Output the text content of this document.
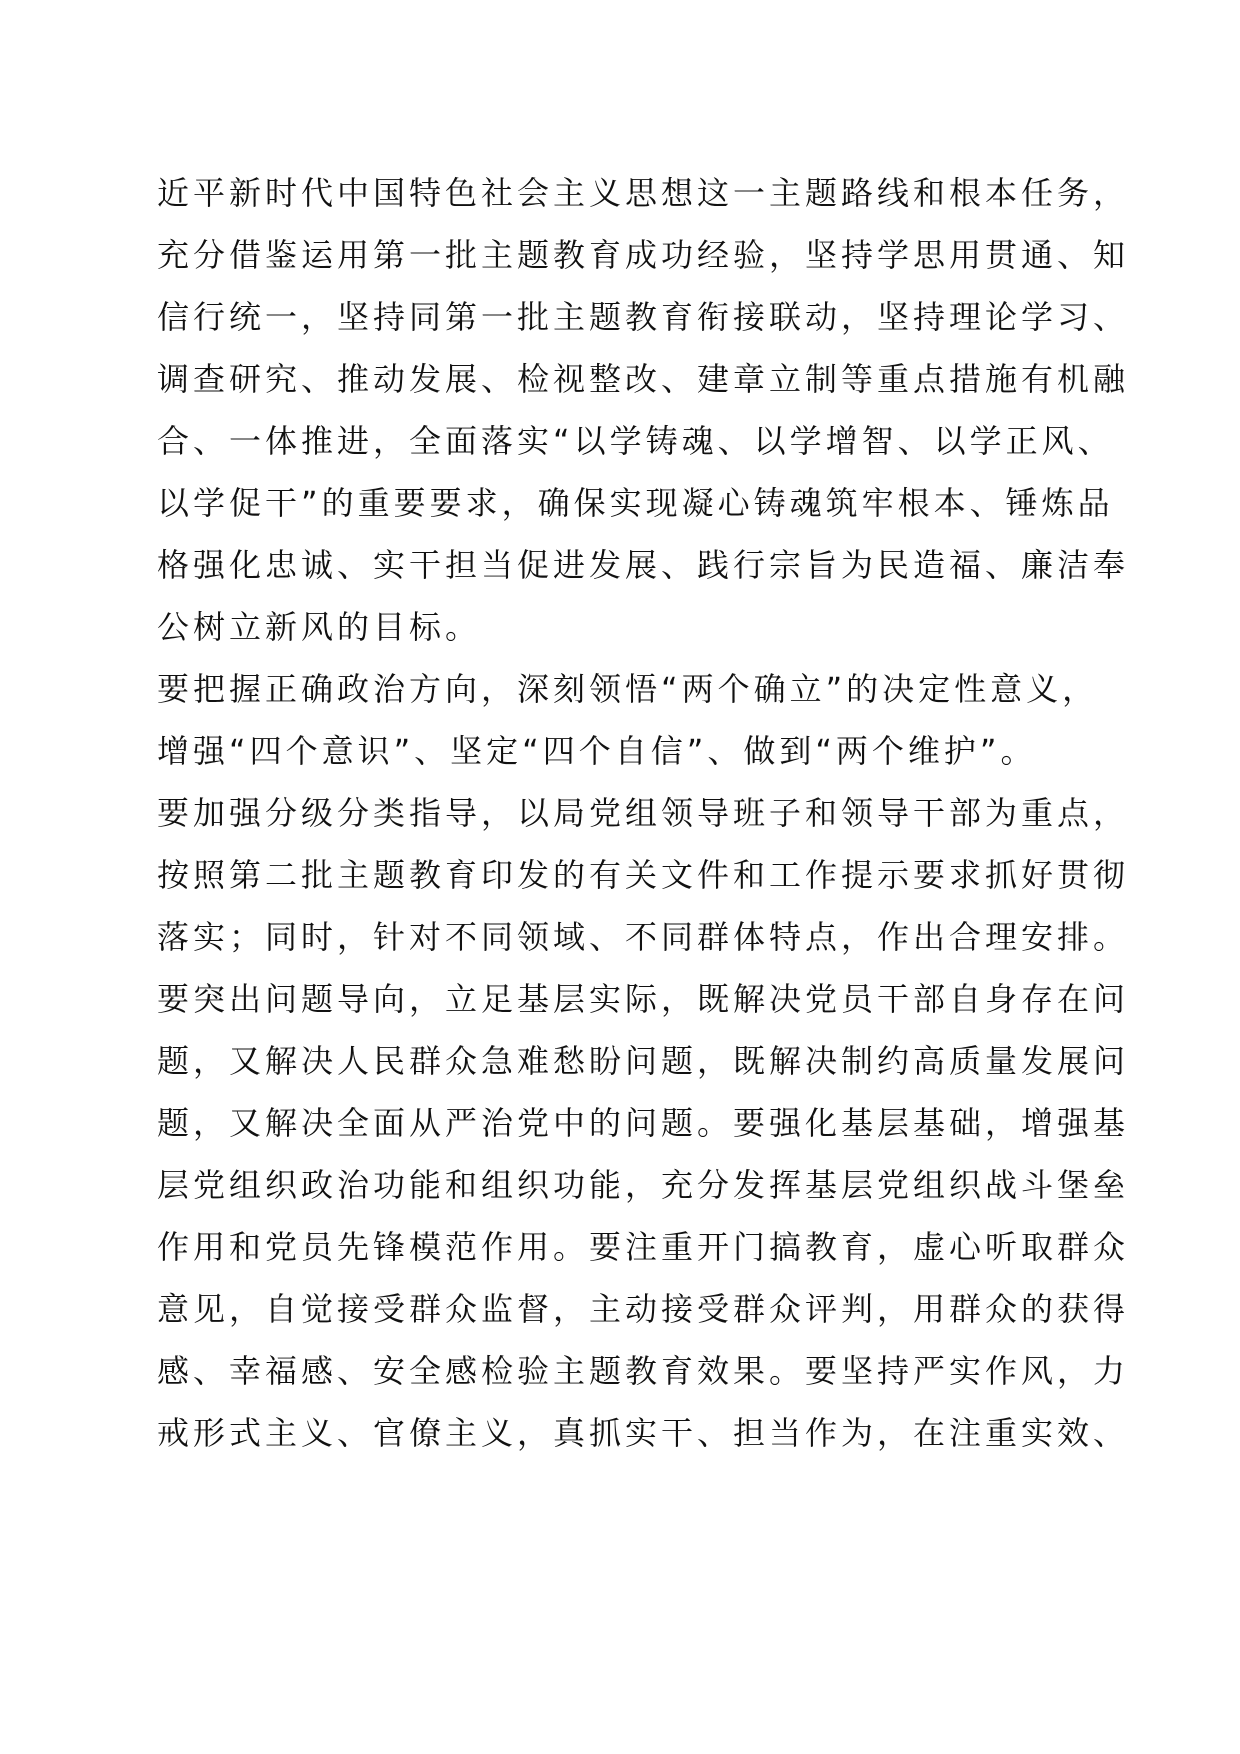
近平新时代中国特色社会主义思想这一主题路线和根本任务，
充分借鉴运用第一批主题教育成功经验，坚持学思用贯通、知
信行统一，坚持同第一批主题教育衔接联动，坚持理论学习、
调查研究、推动发展、检视整改、建章立制等重点措施有机融
合、一体推进，全面落实“以学铸魂、以学增智、以学正风、
以学促干”的重要要求，确保实现凝心铸魂筑牢根本、锤炼品
格强化忠诚、实干担当促进发展、践行宗旨为民造福、廉洁奉
公树立新风的目标。
要把握正确政治方向，深刻领悟“两个确立”的决定性意义，
增强“四个意识”、坚定“四个自信”、做到“两个维护”。
要加强分级分类指导，以局党组领导班子和领导干部为重点，
按照第二批主题教育印发的有关文件和工作提示要求抓好贯彻
落实；同时，针对不同领域、不同群体特点，作出合理安排。
要突出问题导向，立足基层实际，既解决党员干部自身存在问
题，又解决人民群众急难愁盼问题，既解决制约高质量发展问
题，又解决全面从严治党中的问题。要强化基层基础，增强基
层党组织政治功能和组织功能，充分发挥基层党组织战斗堡垒
作用和党员先锋模范作用。要注重开门搞教育，虚心听取群众
意见，自觉接受群众监督，主动接受群众评判，用群众的获得
感、幸福感、安全感检验主题教育效果。要坚持严实作风，力
戒形式主义、官僚主义，真抓实干、担当作为，在注重实效、
